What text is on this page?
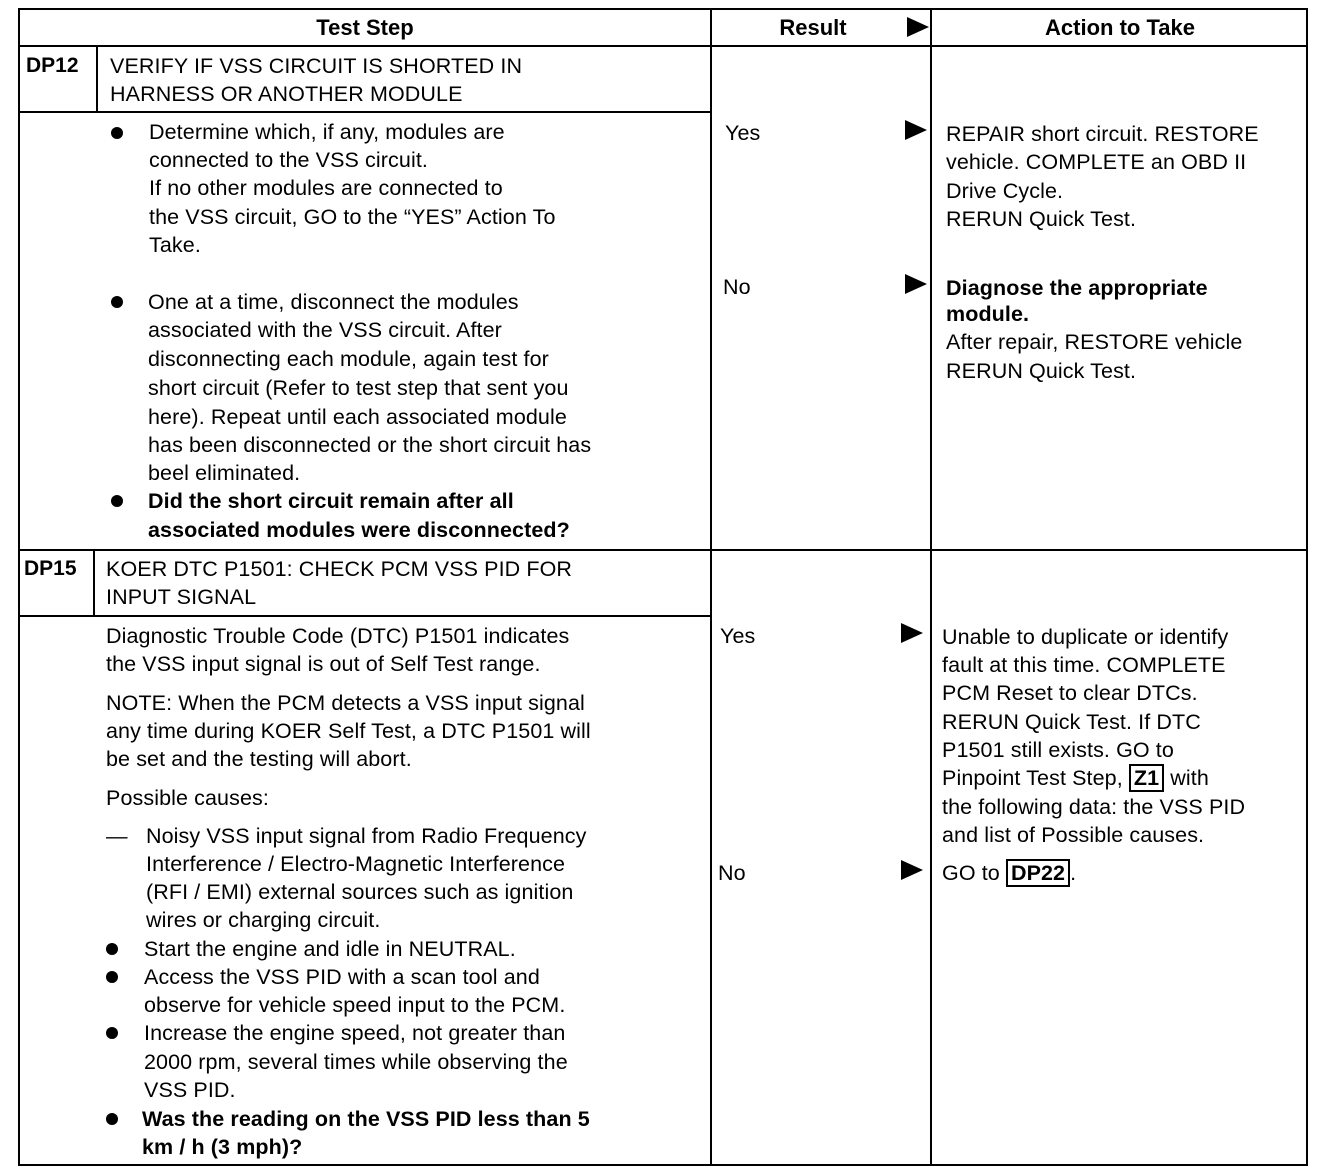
Test Step	Result	Action to Take
DP12 VERIFY IF VSS CIRCUIT IS SHORTED IN
HARNESS OR ANOTHER MODULE
Determine which, if any, modules are
connected to the VSS circuit.
If no other modules are connected to
the VSS circuit, GO to the “YES” Action To
Take.
One at a time, disconnect the modules
associated with the VSS circuit. After
disconnecting each module, again test for
short circuit (Refer to test step that sent you
here). Repeat until each associated module
has been disconnected or the short circuit has
beel eliminated.
Did the short circuit remain after all
associated modules were disconnected?
Yes	REPAIR short circuit. RESTORE
vehicle. COMPLETE an OBD II
Drive Cycle.
RERUN Quick Test.
No	Diagnose the appropriate
module.
After repair, RESTORE vehicle
RERUN Quick Test.
DP15 KOER DTC P1501: CHECK PCM VSS PID FOR
INPUT SIGNAL
Diagnostic Trouble Code (DTC) P1501 indicates
the VSS input signal is out of Self Test range.
NOTE: When the PCM detects a VSS input signal
any time during KOER Self Test, a DTC P1501 will
be set and the testing will abort.
Possible causes:
— Noisy VSS input signal from Radio Frequency
Interference / Electro-Magnetic Interference
(RFI / EMI) external sources such as ignition
wires or charging circuit.
Start the engine and idle in NEUTRAL.
Access the VSS PID with a scan tool and
observe for vehicle speed input to the PCM.
Increase the engine speed, not greater than
2000 rpm, several times while observing the
VSS PID.
Was the reading on the VSS PID less than 5
km / h (3 mph)?
Yes	Unable to duplicate or identify
fault at this time. COMPLETE
PCM Reset to clear DTCs.
RERUN Quick Test. If DTC
P1501 still exists. GO to
Pinpoint Test Step, Z1 with
the following data: the VSS PID
and list of Possible causes.
No	GO to DP22 .
